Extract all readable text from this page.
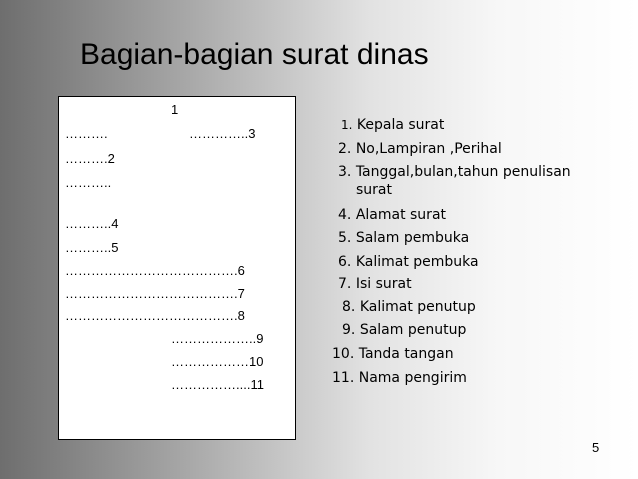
Bagian-bagian surat dinas
1
……….	…………..3
……….2
………..
………..4
………..5
………………………………….6
………………………………….7
………………………………….8
………………..9
………………10
……………....11
1. Kepala surat
2. No,Lampiran ,Perihal
3. Tanggal,bulan,tahun penulisan
surat
4. Alamat surat
5. Salam pembuka
6. Kalimat pembuka
7. Isi surat
8. Kalimat penutup
9. Salam penutup
10. Tanda tangan
11. Nama pengirim
5
